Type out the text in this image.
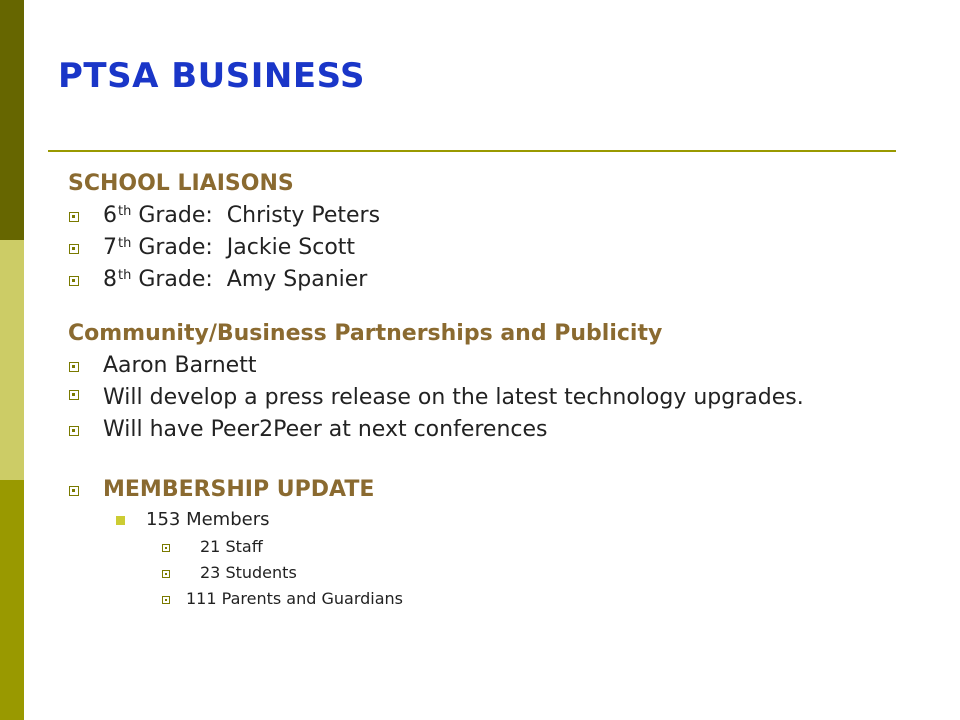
PTSA BUSINESS
SCHOOL LIAISONS
6th Grade:  Christy Peters
7th Grade:  Jackie Scott
8th Grade:  Amy Spanier
Community/Business Partnerships and Publicity
Aaron Barnett
Will develop a press release on the latest technology upgrades.
Will have Peer2Peer at next conferences
MEMBERSHIP UPDATE
153 Members
21 Staff
23 Students
111 Parents and Guardians
